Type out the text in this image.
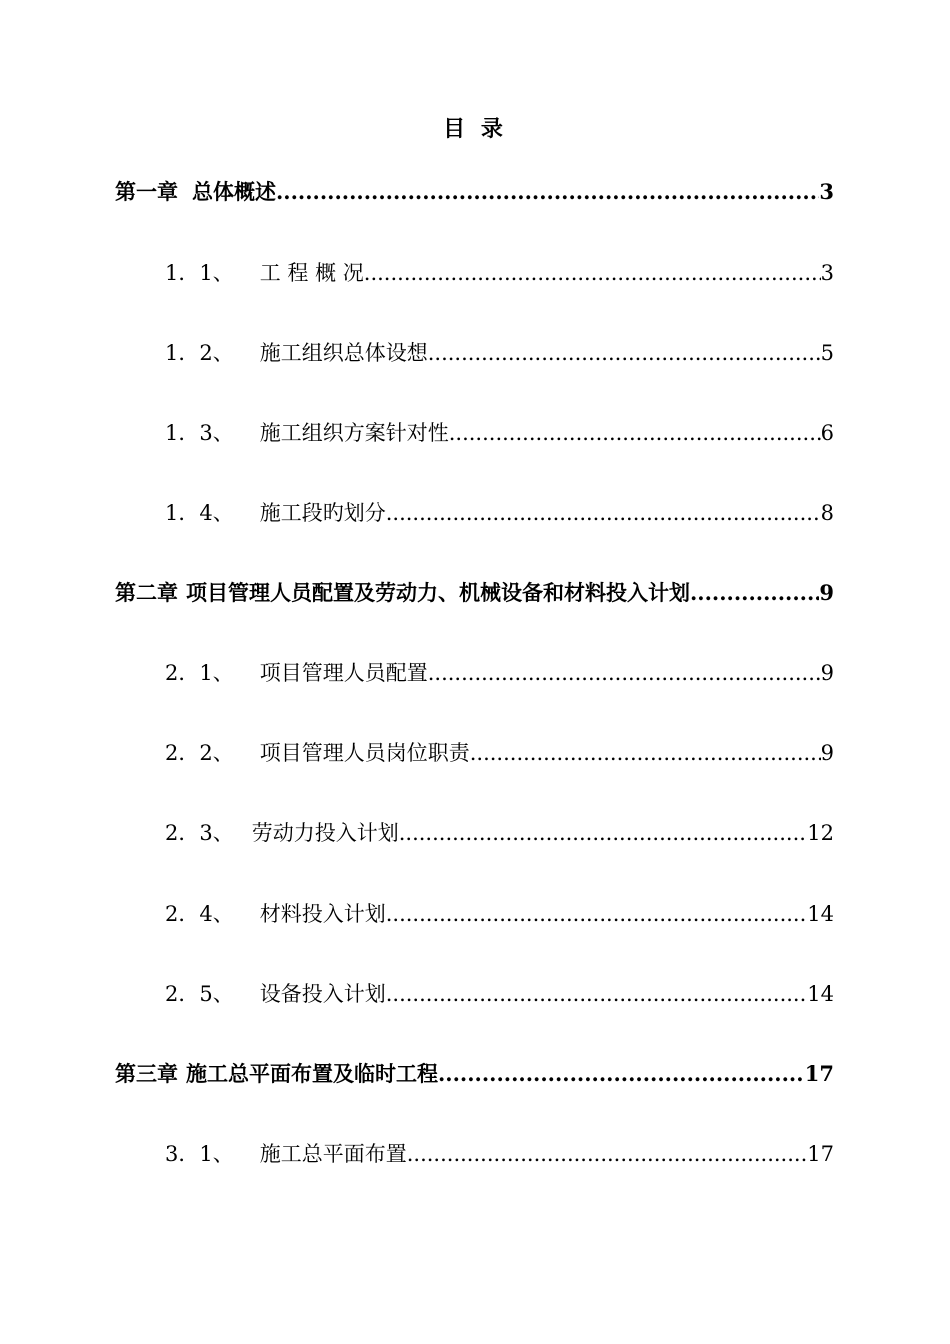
目 录
第一章 总体概述 .....	3
1．1、 工 程 概 况 .....	3
1．2、 施工组织总体设想 .....	5
1．3、 施工组织方案针对性 .....	6
1．4、 施工段旳划分 .....	8
第二章 项目管理人员配置及劳动力、机械设备和材料投入计划 .....	9
2．1、 项目管理人员配置 .....	9
2．2、 项目管理人员岗位职责 .....	9
2．3、 劳动力投入计划 .....	12
2．4、 材料投入计划 .....	14
2．5、 设备投入计划 .....	14
第三章 施工总平面布置及临时工程 .....	17
3．1、 施工总平面布置 .....	17
